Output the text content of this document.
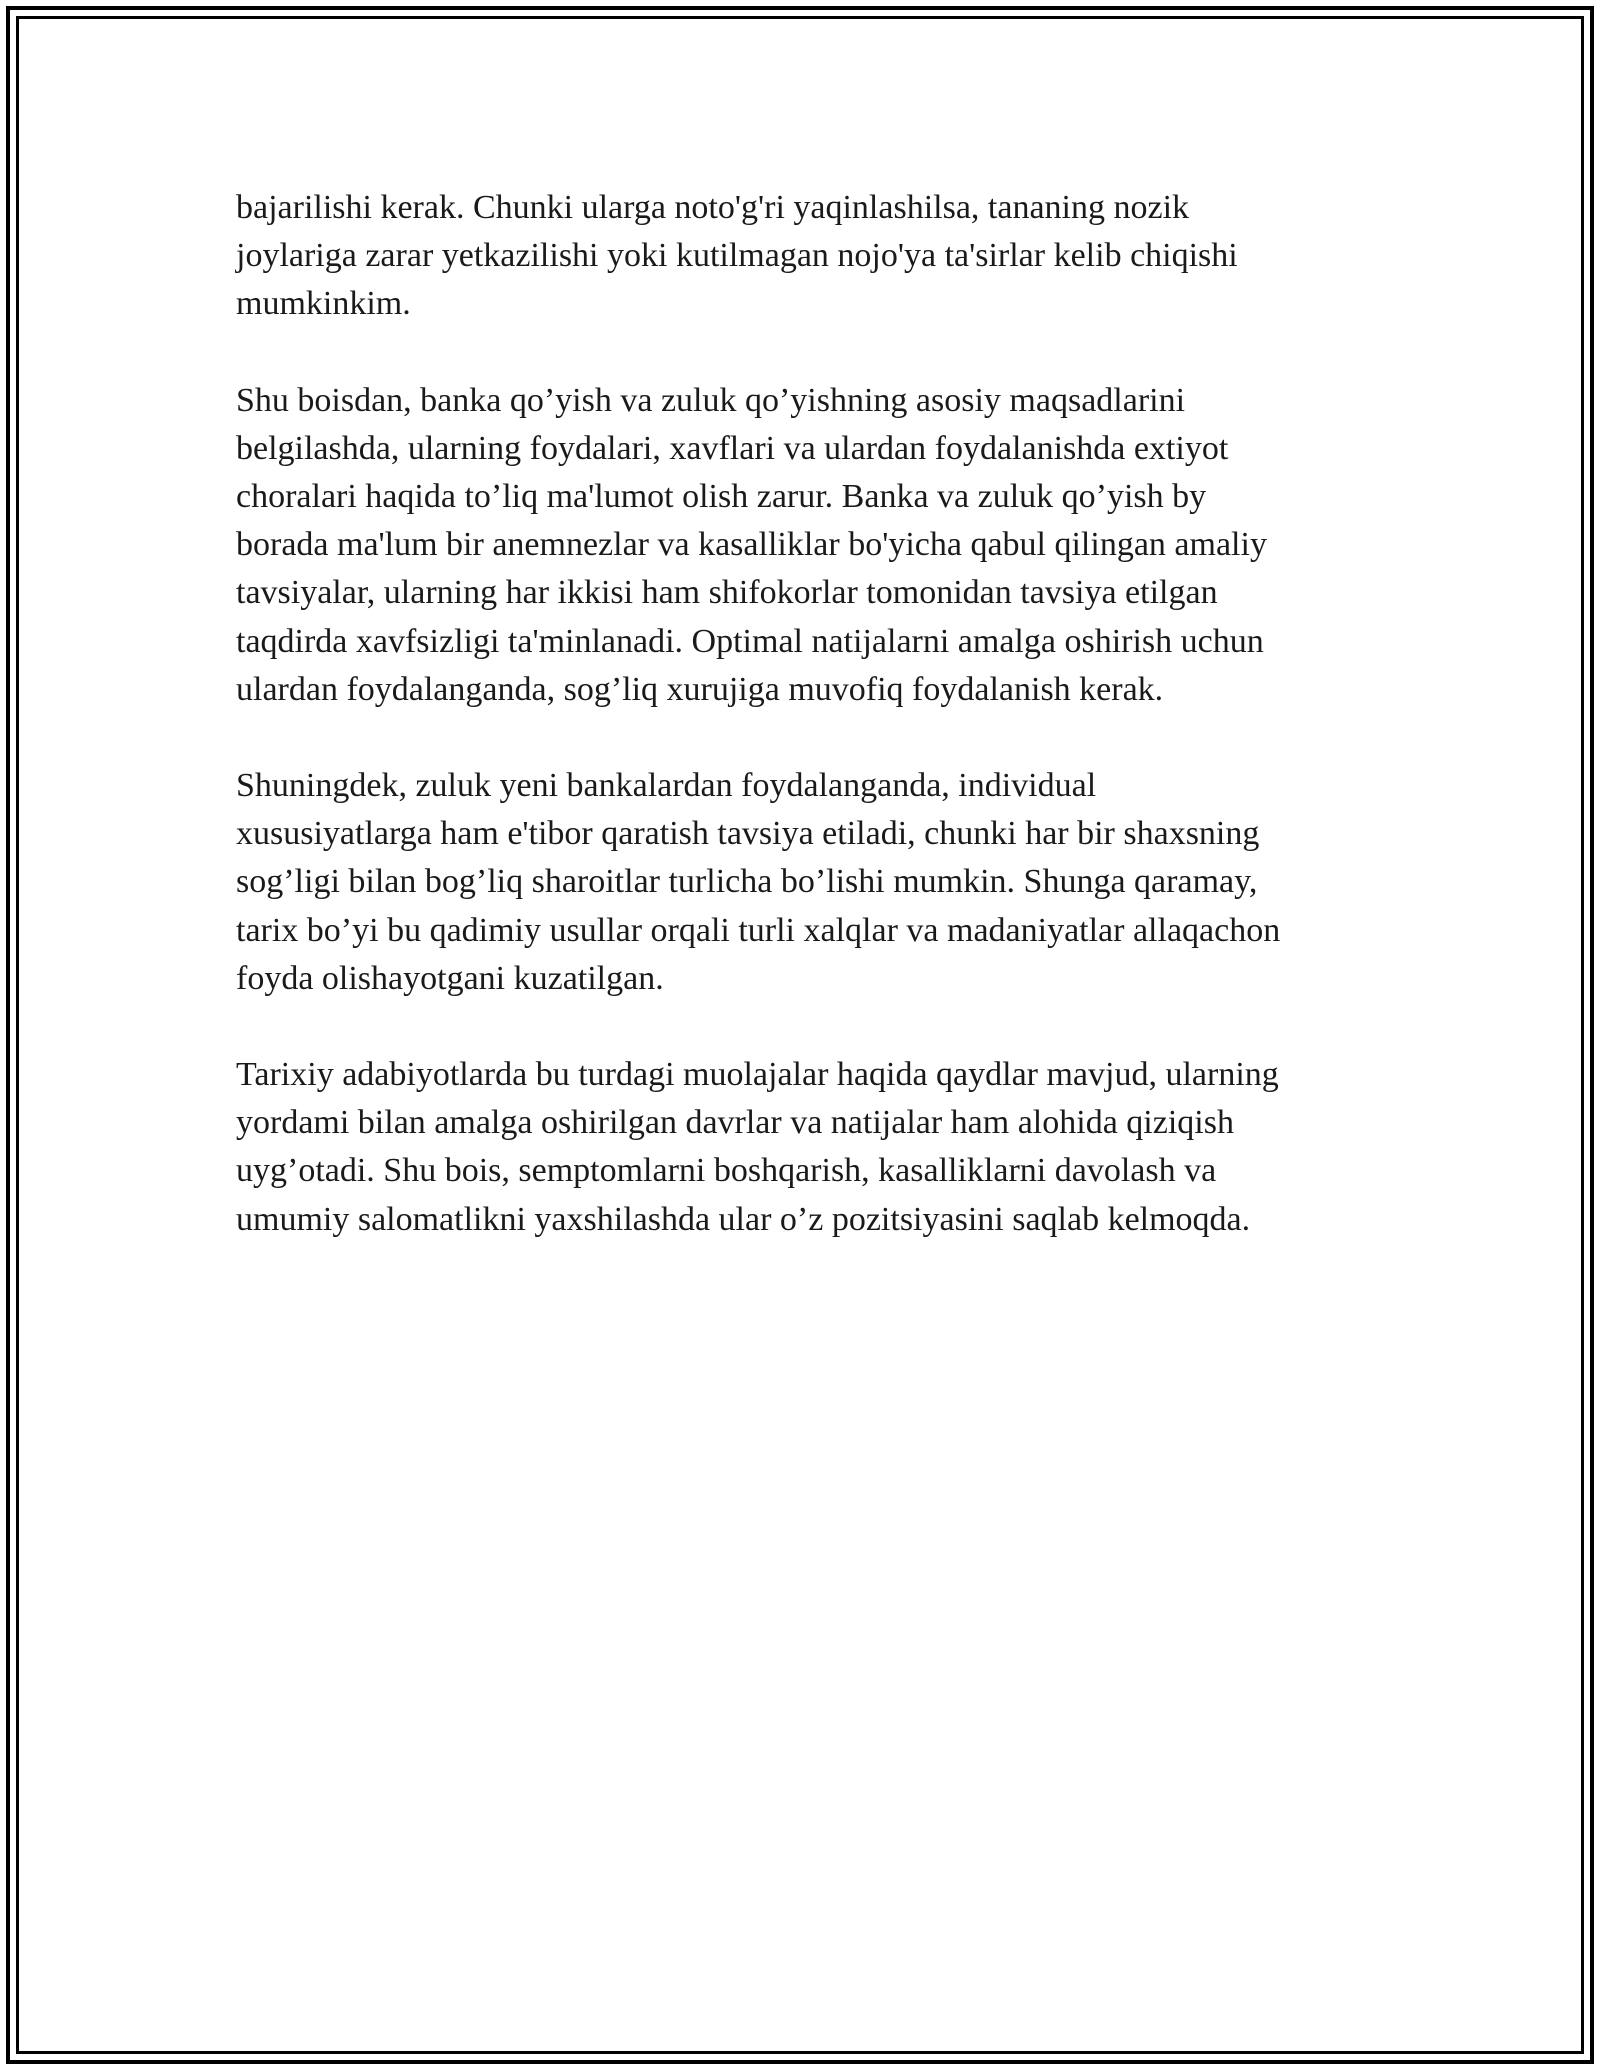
bajarilishi kerak. Chunki ularga noto'g'ri yaqinlashilsa, tananing nozik
joylariga zarar yetkazilishi yoki kutilmagan nojo'ya ta'sirlar kelib chiqishi
mumkinkim.

Shu boisdan, banka qo’yish va zuluk qo’yishning asosiy maqsadlarini
belgilashda, ularning foydalari, xavflari va ulardan foydalanishda extiyot
choralari haqida to’liq ma'lumot olish zarur. Banka va zuluk qo’yish by
borada ma'lum bir anemnezlar va kasalliklar bo'yicha qabul qilingan amaliy
tavsiyalar, ularning har ikkisi ham shifokorlar tomonidan tavsiya etilgan
taqdirda xavfsizligi ta'minlanadi. Optimal natijalarni amalga oshirish uchun
ulardan foydalanganda, sog’liq xurujiga muvofiq foydalanish kerak.

Shuningdek, zuluk yeni bankalardan foydalanganda, individual
xususiyatlarga ham e'tibor qaratish tavsiya etiladi, chunki har bir shaxsning
sog’ligi bilan bog’liq sharoitlar turlicha bo’lishi mumkin. Shunga qaramay,
tarix bo’yi bu qadimiy usullar orqali turli xalqlar va madaniyatlar allaqachon
foyda olishayotgani kuzatilgan.

Tarixiy adabiyotlarda bu turdagi muolajalar haqida qaydlar mavjud, ularning
yordami bilan amalga oshirilgan davrlar va natijalar ham alohida qiziqish
uyg’otadi. Shu bois, semptomlarni boshqarish, kasalliklarni davolash va
umumiy salomatlikni yaxshilashda ular o’z pozitsiyasini saqlab kelmoqda.
